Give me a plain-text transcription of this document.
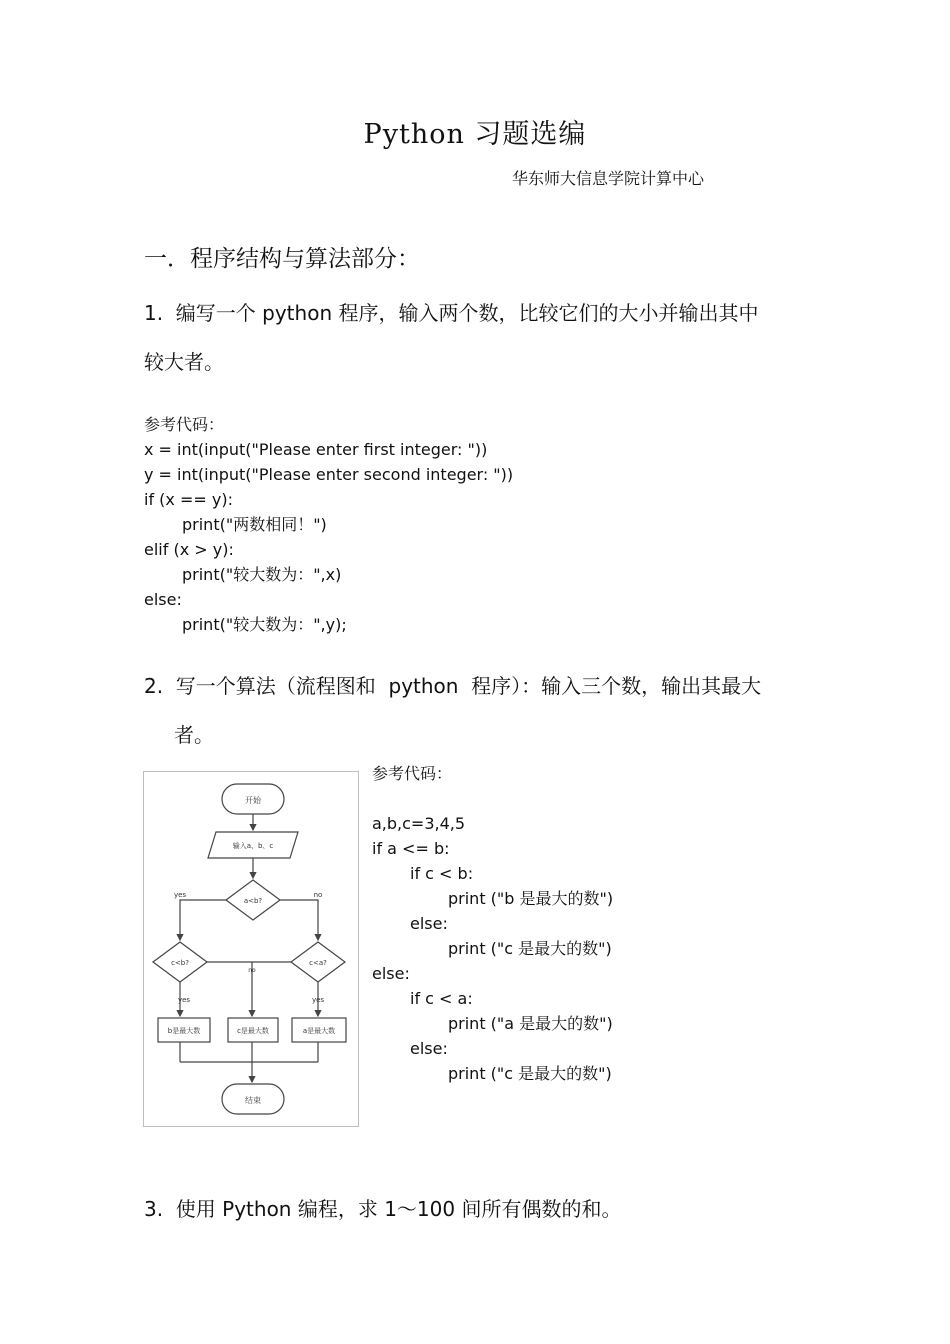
Python 习题选编
华东师大信息学院计算中心
一．程序结构与算法部分：
1.  编写一个 python 程序，输入两个数，比较它们的大小并输出其中
较大者。
参考代码：
x = int(input("Please enter first integer: "))
y = int(input("Please enter second integer: "))
if (x == y):
print("两数相同！")
elif (x > y):
print("较大数为：",x)
else:
print("较大数为：",y);
2.  写一个算法（流程图和  python  程序）：输入三个数，输出其最大
者。
开始
输入a、b、c
a<b?
yes	no
c<b?	c<a?
no
yes	yes
b是最大数	c是最大数	a是最大数
结束
参考代码：
a,b,c=3,4,5
if a <= b:
if c < b:
print ("b 是最大的数")
else:
print ("c 是最大的数")
else:
if c < a:
print ("a 是最大的数")
else:
print ("c 是最大的数")
3.  使用 Python 编程，求 1～100 间所有偶数的和。
